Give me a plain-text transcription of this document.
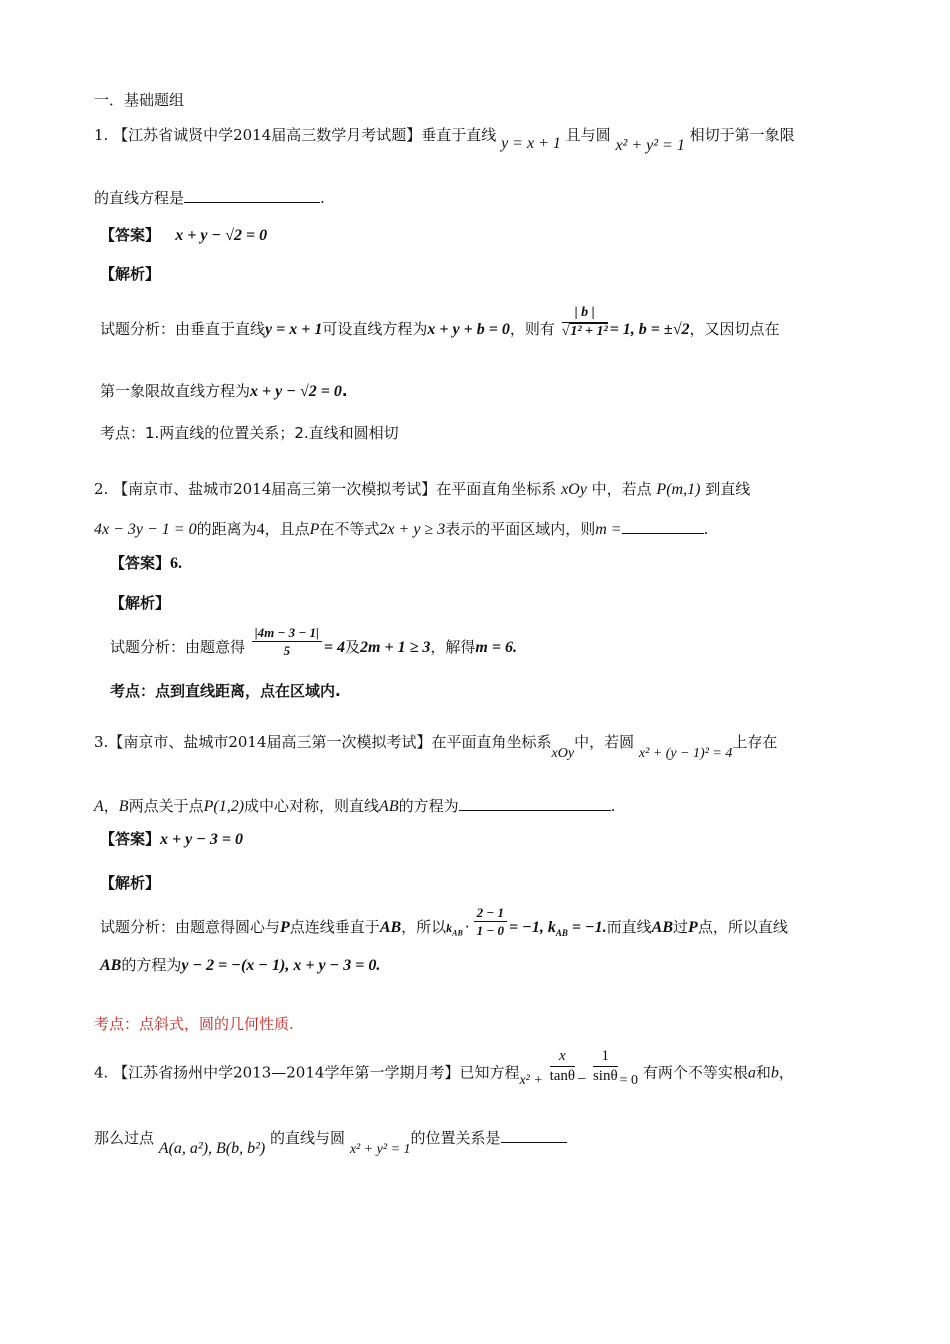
一．基础题组
1. 【江苏省诚贤中学2014届高三数学月考试题】垂直于直线 y = x + 1 且与圆 x² + y² = 1 相切于第一象限
的直线方程是	.
【答案】 x + y − √2 = 0
【解析】
试题分析：由垂直于直线y = x + 1可设直线方程为x + y + b = 0，则有 $\frac{| b |}{\text{√1² + 1²}} = 1$, b = ±√2，又因切点在
第一象限故直线方程为x + y − √2 = 0.
考点：1.两直线的位置关系；2.直线和圆相切
2. 【南京市、盐城市2014届高三第一次模拟考试】在平面直角坐标系 xOy 中，若点 P(m,1) 到直线
4x − 3y − 1 = 0的距离为4，且点P在不等式2x + y ≥ 3表示的平面区域内，则m =	.
【答案】6.
【解析】
试题分析：由题意得 $\frac{|4m - 3 - 1|}{5} = 4$及2m + 1 ≥ 3，解得m = 6.
考点：点到直线距离，点在区域内.
3.【南京市、盐城市2014届高三第一次模拟考试】在平面直角坐标系xOy中，若圆 x² + (y − 1)² = 4上存在
A，B两点关于点P(1,2)成中心对称，则直线AB的方程为	.
【答案】x + y − 3 = 0
【解析】
试题分析：由题意得圆心与P点连线垂直于AB，所以$k_{AB} \cdot \frac{2 - 1}{1 - 0} = -1$, $k_{AB} = -1$.而直线AB过P点，所以直线
AB的方程为y − 2 = −(x − 1), x + y − 3 = 0.
考点：点斜式，圆的几何性质.
4. 【江苏省扬州中学2013—2014学年第一学期月考】已知方程$x^2 + \frac{x}{\tan\theta} - \frac{1}{\sin\theta} = 0$ 有两个不等实根a和b，
那么过点 A(a, a²), B(b, b²) 的直线与圆 x² + y² = 1的位置关系是
